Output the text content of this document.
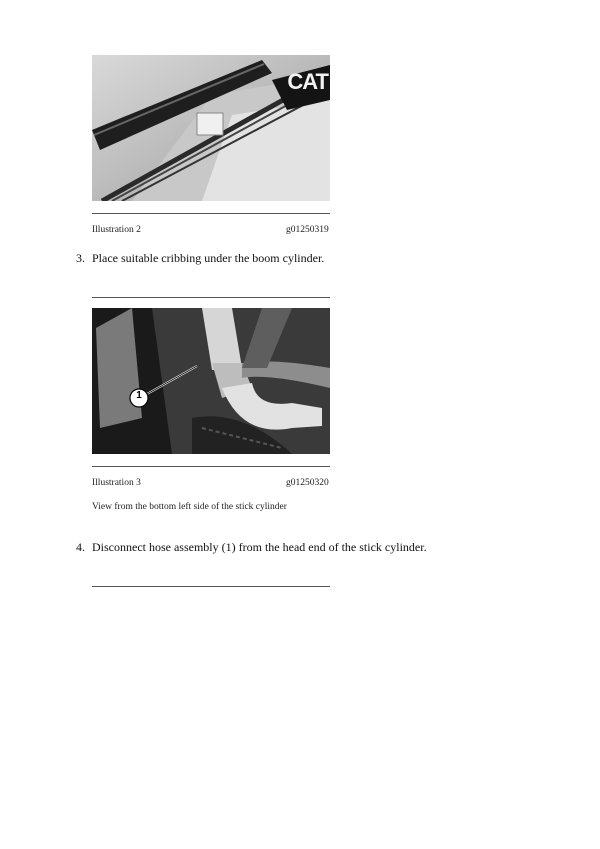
CAT
Illustration 2	g01250319
3. Place suitable cribbing under the boom cylinder.
1
Illustration 3	g01250320
View from the bottom left side of the stick cylinder
4. Disconnect hose assembly (1) from the head end of the stick cylinder.
